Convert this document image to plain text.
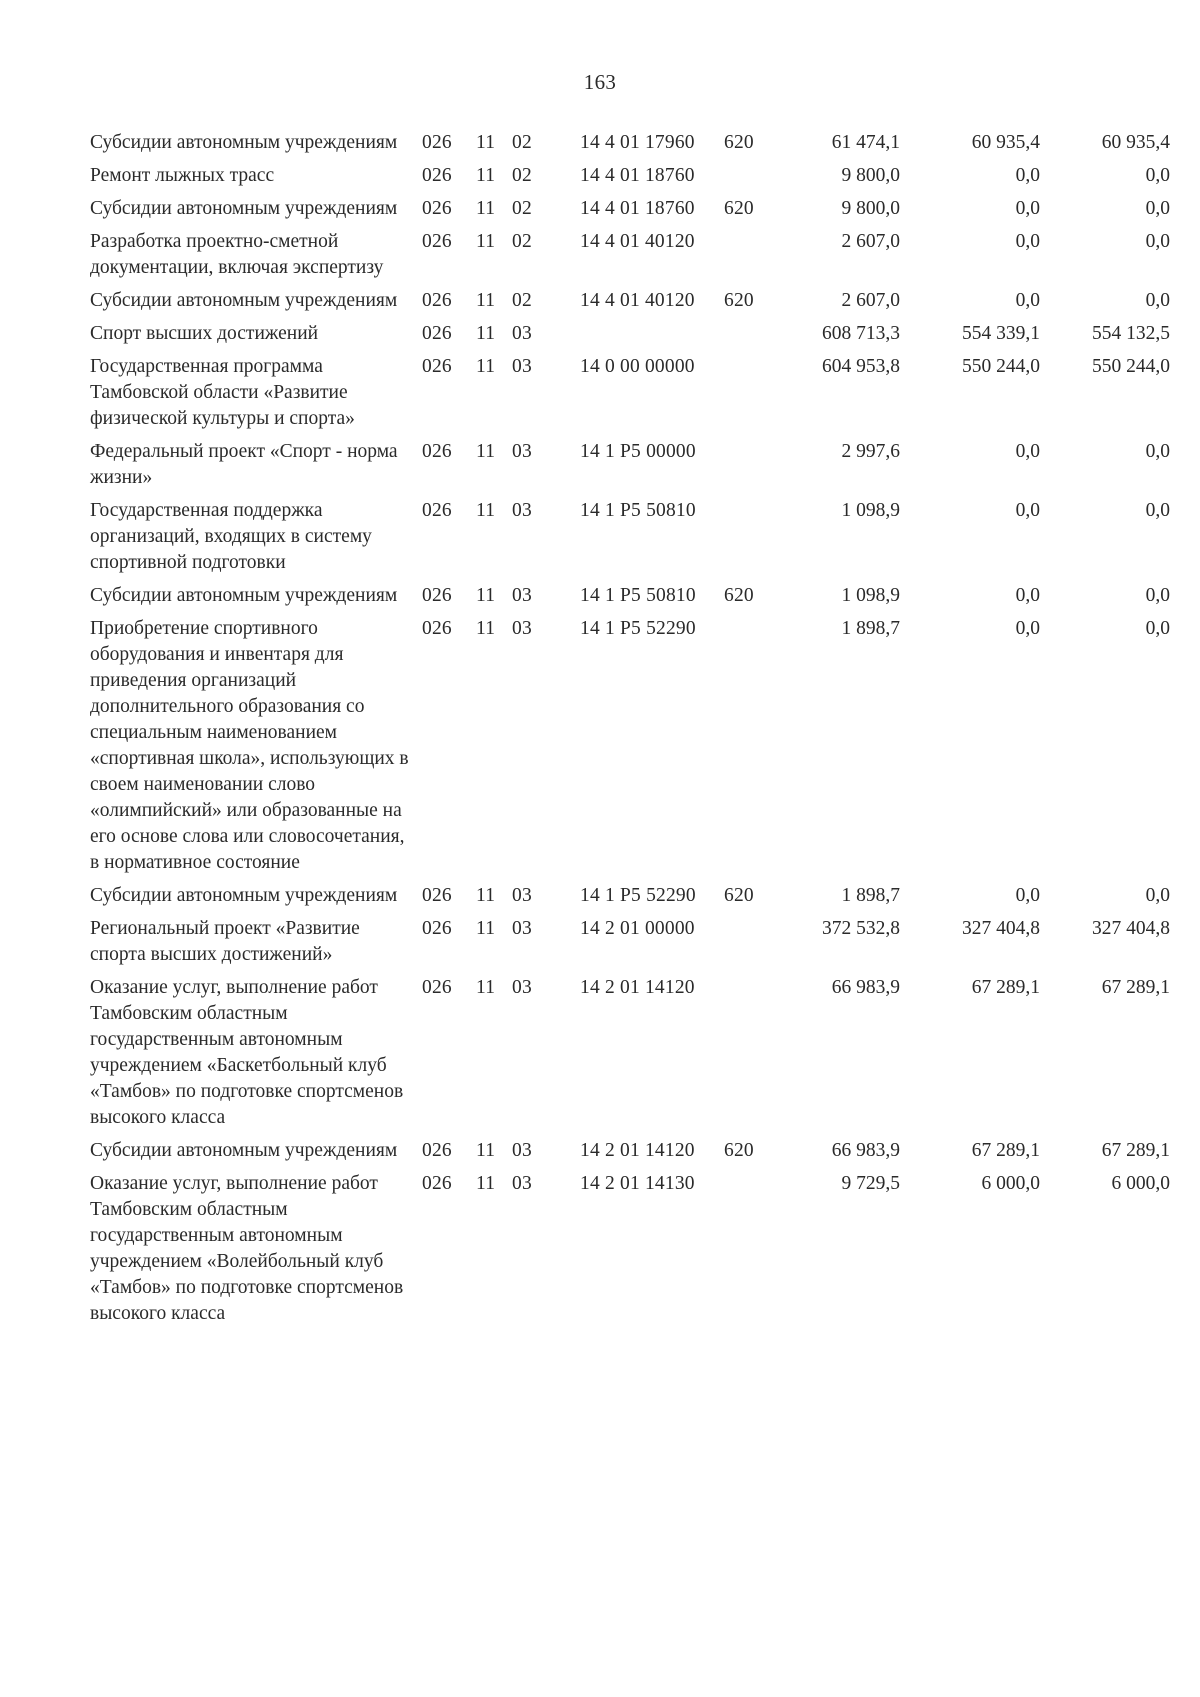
163
Субсидии автономным учреждениям	026	11	02	14 4 01 17960	620	61 474,1	60 935,4	60 935,4
Ремонт лыжных трасс	026	11	02	14 4 01 18760		9 800,0	0,0	0,0
Субсидии автономным учреждениям	026	11	02	14 4 01 18760	620	9 800,0	0,0	0,0
Разработка проектно-сметной документации, включая экспертизу	026	11	02	14 4 01 40120		2 607,0	0,0	0,0
Субсидии автономным учреждениям	026	11	02	14 4 01 40120	620	2 607,0	0,0	0,0
Спорт высших достижений	026	11	03			608 713,3	554 339,1	554 132,5
Государственная программа Тамбовской области «Развитие физической культуры и спорта»	026	11	03	14 0 00 00000		604 953,8	550 244,0	550 244,0
Федеральный проект «Спорт - норма жизни»	026	11	03	14 1 P5 00000		2 997,6	0,0	0,0
Государственная поддержка организаций, входящих в систему спортивной подготовки	026	11	03	14 1 P5 50810		1 098,9	0,0	0,0
Субсидии автономным учреждениям	026	11	03	14 1 P5 50810	620	1 098,9	0,0	0,0
Приобретение спортивного оборудования и инвентаря для приведения организаций дополнительного образования со специальным наименованием «спортивная школа», использующих в своем наименовании слово «олимпийский» или образованные на его основе слова или словосочетания, в нормативное состояние	026	11	03	14 1 P5 52290		1 898,7	0,0	0,0
Субсидии автономным учреждениям	026	11	03	14 1 P5 52290	620	1 898,7	0,0	0,0
Региональный проект «Развитие спорта высших достижений»	026	11	03	14 2 01 00000		372 532,8	327 404,8	327 404,8
Оказание услуг, выполнение работ Тамбовским областным государственным автономным учреждением «Баскетбольный клуб «Тамбов» по подготовке спортсменов высокого класса	026	11	03	14 2 01 14120		66 983,9	67 289,1	67 289,1
Субсидии автономным учреждениям	026	11	03	14 2 01 14120	620	66 983,9	67 289,1	67 289,1
Оказание услуг, выполнение работ Тамбовским областным государственным автономным учреждением «Волейбольный клуб «Тамбов» по подготовке спортсменов высокого класса	026	11	03	14 2 01 14130		9 729,5	6 000,0	6 000,0
